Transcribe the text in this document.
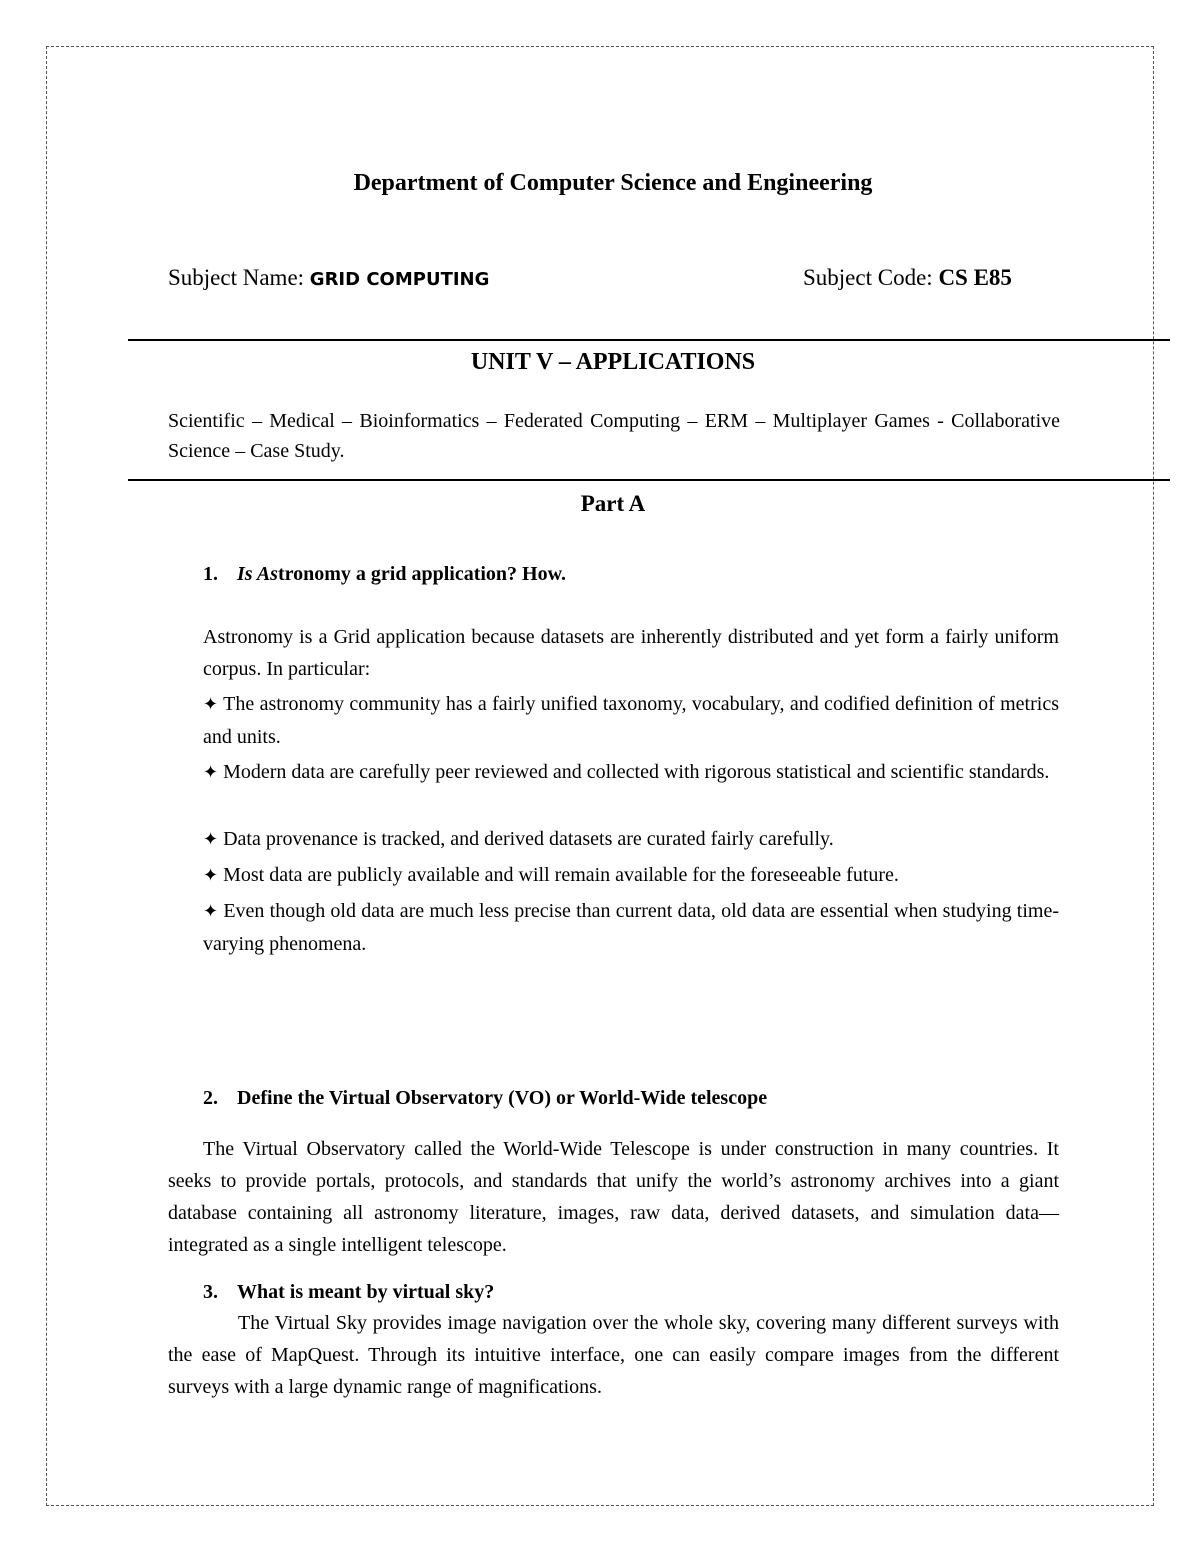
Department of Computer Science and Engineering
Subject Name: GRID COMPUTING	Subject Code: CS E85
UNIT V – APPLICATIONS
Scientific – Medical – Bioinformatics – Federated Computing – ERM – Multiplayer Games - Collaborative Science – Case Study.
Part A
1. Is Astronomy a grid application? How.
Astronomy is a Grid application because datasets are inherently distributed and yet form a fairly uniform corpus. In particular:
✦ The astronomy community has a fairly unified taxonomy, vocabulary, and codified definition of metrics and units.
✦ Modern data are carefully peer reviewed and collected with rigorous statistical and scientific standards.
✦ Data provenance is tracked, and derived datasets are curated fairly carefully.
✦ Most data are publicly available and will remain available for the foreseeable future.
✦ Even though old data are much less precise than current data, old data are essential when studying time-varying phenomena.
2. Define the Virtual Observatory (VO) or World-Wide telescope
The Virtual Observatory called the World-Wide Telescope is under construction in many countries. It seeks to provide portals, protocols, and standards that unify the world’s astronomy archives into a giant database containing all astronomy literature, images, raw data, derived datasets, and simulation data—integrated as a single intelligent telescope.
3. What is meant by virtual sky?
The Virtual Sky provides image navigation over the whole sky, covering many different surveys with the ease of MapQuest. Through its intuitive interface, one can easily compare images from the different surveys with a large dynamic range of magnifications.
